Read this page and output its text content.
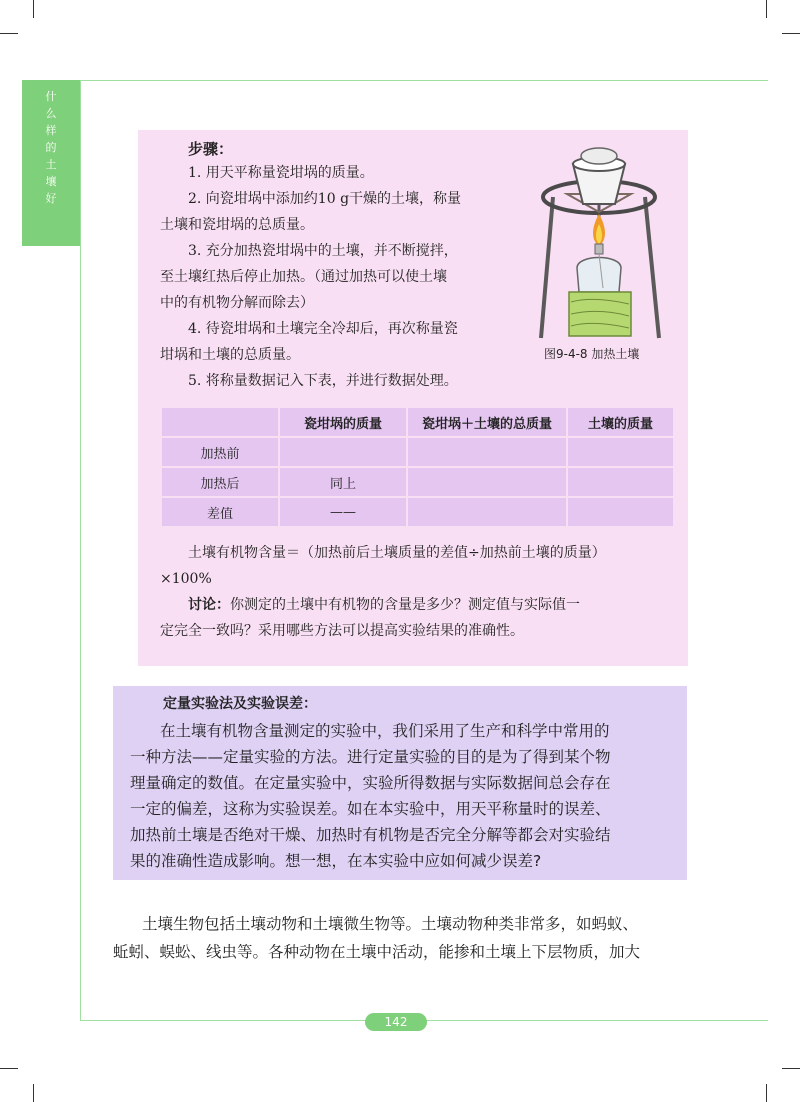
什
么
样
的
土
壤
好
步骤：
1. 用天平称量瓷坩埚的质量。
2. 向瓷坩埚中添加约10 g干燥的土壤，称量
土壤和瓷坩埚的总质量。
3. 充分加热瓷坩埚中的土壤，并不断搅拌，
至土壤红热后停止加热。（通过加热可以使土壤
中的有机物分解而除去）
4. 待瓷坩埚和土壤完全冷却后，再次称量瓷
坩埚和土壤的总质量。
5. 将称量数据记入下表，并进行数据处理。
图9-4-8 加热土壤
	瓷坩埚的质量	瓷坩埚＋土壤的总质量	土壤的质量
加热前			
加热后	同上		
差值	——		
土壤有机物含量＝（加热前后土壤质量的差值÷加热前土壤的质量）
×100%
讨论：你测定的土壤中有机物的含量是多少？测定值与实际值一
定完全一致吗？采用哪些方法可以提高实验结果的准确性。
定量实验法及实验误差：
在土壤有机物含量测定的实验中，我们采用了生产和科学中常用的
一种方法——定量实验的方法。进行定量实验的目的是为了得到某个物
理量确定的数值。在定量实验中，实验所得数据与实际数据间总会存在
一定的偏差，这称为实验误差。如在本实验中，用天平称量时的误差、
加热前土壤是否绝对干燥、加热时有机物是否完全分解等都会对实验结
果的准确性造成影响。想一想，在本实验中应如何减少误差?
土壤生物包括土壤动物和土壤微生物等。土壤动物种类非常多，如蚂蚁、
蚯蚓、蜈蚣、线虫等。各种动物在土壤中活动，能掺和土壤上下层物质，加大
142
